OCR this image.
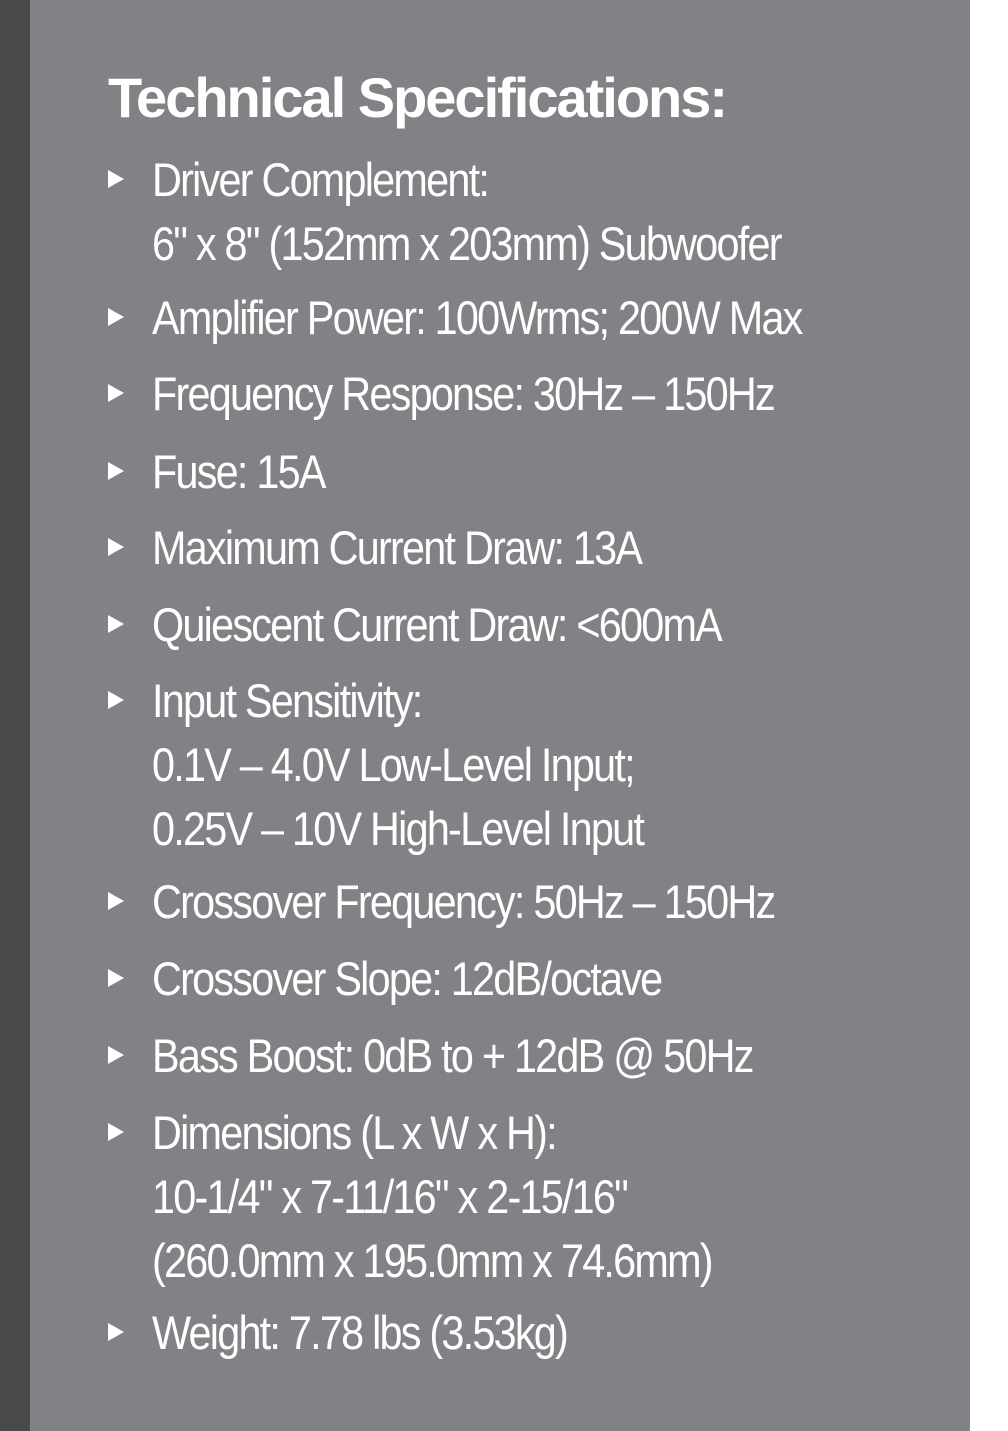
Technical Specifications:
Driver Complement:
6" x 8" (152mm x 203mm) Subwoofer
Amplifier Power: 100Wrms; 200W Max
Frequency Response: 30Hz – 150Hz
Fuse: 15A
Maximum Current Draw: 13A
Quiescent Current Draw: <600mA
Input Sensitivity:
0.1V – 4.0V Low-Level Input;
0.25V – 10V High-Level Input
Crossover Frequency: 50Hz – 150Hz
Crossover Slope: 12dB/octave
Bass Boost: 0dB to + 12dB @ 50Hz
Dimensions (L x W x H):
10-1/4" x 7-11/16" x 2-15/16"
(260.0mm x 195.0mm x 74.6mm)
Weight: 7.78 lbs (3.53kg)
